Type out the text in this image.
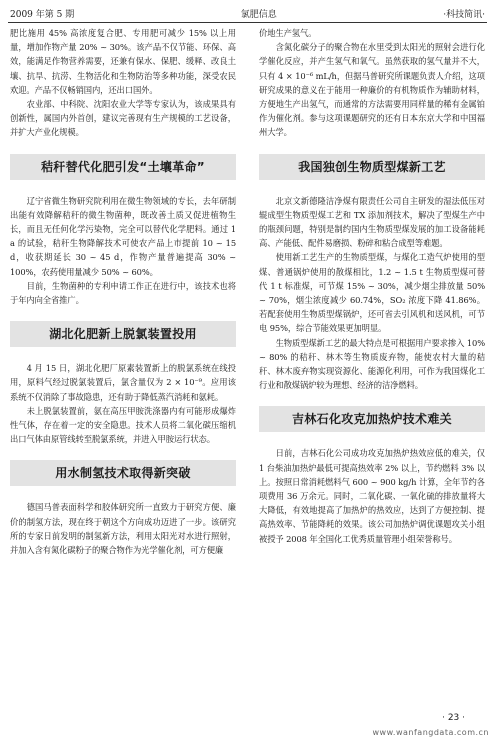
2009 年第 5 期	氯肥信息	·科技简讯·

肥比施用 45% 高浓度复合肥、专用肥可减少 15% 以上用量，增加作物产量 20% ~ 30%。该产品不仅节能、环保、高效，能满足作物营养需要，还兼有保水、保肥、缓释、改良土壤、抗旱、抗涝、生物活化和生物防治等多种功能，深受农民欢迎。产品不仅畅销国内，还出口国外。

农业部、中科院、沈阳农业大学等专家认为，该成果具有创新性，属国内外首创，建议完善现有生产规模的工艺设备，并扩大产业化规模。

秸秆替代化肥引发“土壤革命”

辽宁省微生物研究院利用在微生物领域的专长，去年研制出能有效降解秸秆的微生物菌种，既改善土质又促进植物生长，而且无任何化学污染物，完全可以替代化学肥料。通过 1 a 的试验，秸秆生物降解技术可使农产品上市提前 10 ~ 15 d，收获期延长 30 ~ 45 d，作物产量普遍提高 30% ~ 100%，农药使用量减少 50% ~ 60%。

目前，生物菌种的专利申请工作正在进行中，该技术也将于年内向全省推广。

湖北化肥新上脱氯装置投用

4 月 15 日，湖北化肥厂原素装置新上的脱氯系统在线投用，原料气经过脱氯装置后，氯含量仅为 2 × 10⁻⁹。应用该系统不仅消除了事故隐患，还有助于降低蒸汽消耗和氨耗。

未上脱氯装置前，氨在高压甲胺洗涤器内有可能形成爆炸性气体，存在着一定的安全隐患。技术人员将二氧化碳压缩机出口气体由原管线转至脱氯系统，并进入甲胺运行状态。

用水制氢技术取得新突破

德国马普表面科学和胶体研究所一直致力于研究方便、廉价的制氢方法，现在终于朝这个方向成功迈进了一步。该研究所的专家日前发明的制氢新方法，利用太阳光对水进行照射，并加入含有氮化碳粉子的聚合物作为光学催化剂，可方便廉

价地生产氢气。

含氮化碳分子的聚合物在水里受到太阳光的照射会进行化学催化反应，并产生氢气和氧气。虽然获取的氢气量并不大，只有 4 × 10⁻⁶ mL/h，但据马普研究所课题负责人介绍，这项研究成果的意义在于能用一种廉价的有机物质作为辅助材料，方便地生产出氢气，而通常的方法需要用同样量的稀有金属铂作为催化剂。参与这项课题研究的还有日本东京大学和中国福州大学。

我国独创生物质型煤新工艺

北京文新德隆洁净煤有限责任公司自主研发的湿法低压对辊成型生物质型煤工艺和 TX 添加剂技术，解决了型煤生产中的瓶颈问题，特别是制约国内生物质型煤发展的加工设备能耗高、产能低、配件易磨损、粉碎和粘合成型等难题。

使用新工艺生产的生物质型煤，与煤化工造气炉使用的型煤、普通锅炉使用的散煤相比，1.2 ~ 1.5 t 生物质型煤可替代 1 t 标准煤，可节煤 15% ~ 30%，减少烟尘排放量 50% ~ 70%，烟尘浓度减少 60.74%，SO₂ 浓度下降 41.86%。若配套使用生物质型煤锅炉，还可省去引风机和送风机，可节电 95%，综合节能效果更加明显。

生物质型煤新工艺的最大特点是可根据用户要求掺入 10% ~ 80% 的秸秆、林木等生物质废弃物，能使农村大量的秸秆、林木废弃物实现资源化、能源化利用，可作为我国煤化工行业和散煤锅炉较为理想、经济的洁净燃料。

吉林石化攻克加热炉技术难关

日前，吉林石化公司成功攻克加热炉热效应低的难关，仅 1 台柴油加热炉最低可提高热效率 2% 以上，节约燃料 3% 以上。按照日常消耗燃料气 600 ~ 900 kg/h 计算，全年节约各项费用 36 万余元。同时，二氧化碳、一氧化硫的排放量将大大降低，有效地提高了加热炉的热效应，达到了方便控制、提高热效率、节能降耗的效果。该公司加热炉调优课题攻关小组被授予 2008 年全国化工优秀质量管理小组荣誉称号。

· 23 ·
www.wanfangdata.com.cn
